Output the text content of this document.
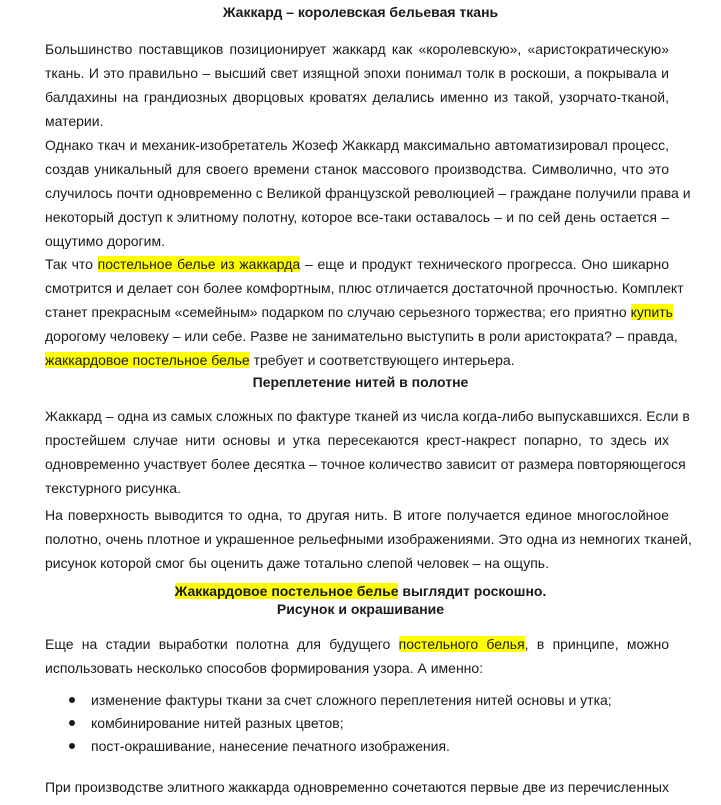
Жаккард – королевская бельевая ткань
Большинство поставщиков позиционирует жаккард как «королевскую», «аристократическую»
ткань. И это правильно – высший свет изящной эпохи понимал толк в роскоши, а покрывала и
балдахины на грандиозных дворцовых кроватях делались именно из такой, узорчато-тканой,
материи.
Однако ткач и механик-изобретатель Жозеф Жаккард максимально автоматизировал процесс,
создав уникальный для своего времени станок массового производства. Символично, что это
случилось почти одновременно с Великой французской революцией – граждане получили права и
некоторый доступ к элитному полотну, которое все-таки оставалось – и по сей день остается –
ощутимо дорогим.
Так что постельное белье из жаккарда – еще и продукт технического прогресса. Оно шикарно
смотрится и делает сон более комфортным, плюс отличается достаточной прочностью. Комплект
станет прекрасным «семейным» подарком по случаю серьезного торжества; его приятно купить
дорогому человеку – или себе. Разве не занимательно выступить в роли аристократа? – правда,
жаккардовое постельное белье требует и соответствующего интерьера.
Переплетение нитей в полотне
Жаккард – одна из самых сложных по фактуре тканей из числа когда-либо выпускавшихся. Если в
простейшем случае нити основы и утка пересекаются крест-накрест попарно, то здесь их
одновременно участвует более десятка – точное количество зависит от размера повторяющегося
текстурного рисунка.
На поверхность выводится то одна, то другая нить. В итоге получается единое многослойное
полотно, очень плотное и украшенное рельефными изображениями. Это одна из немногих тканей,
рисунок которой смог бы оценить даже тотально слепой человек – на ощупь.
Жаккардовое постельное белье выглядит роскошно.
Рисунок и окрашивание
Еще на стадии выработки полотна для будущего постельного белья, в принципе, можно
использовать несколько способов формирования узора. А именно:
изменение фактуры ткани за счет сложного переплетения нитей основы и утка;
комбинирование нитей разных цветов;
пост-окрашивание, нанесение печатного изображения.
При производстве элитного жаккарда одновременно сочетаются первые две из перечисленных
